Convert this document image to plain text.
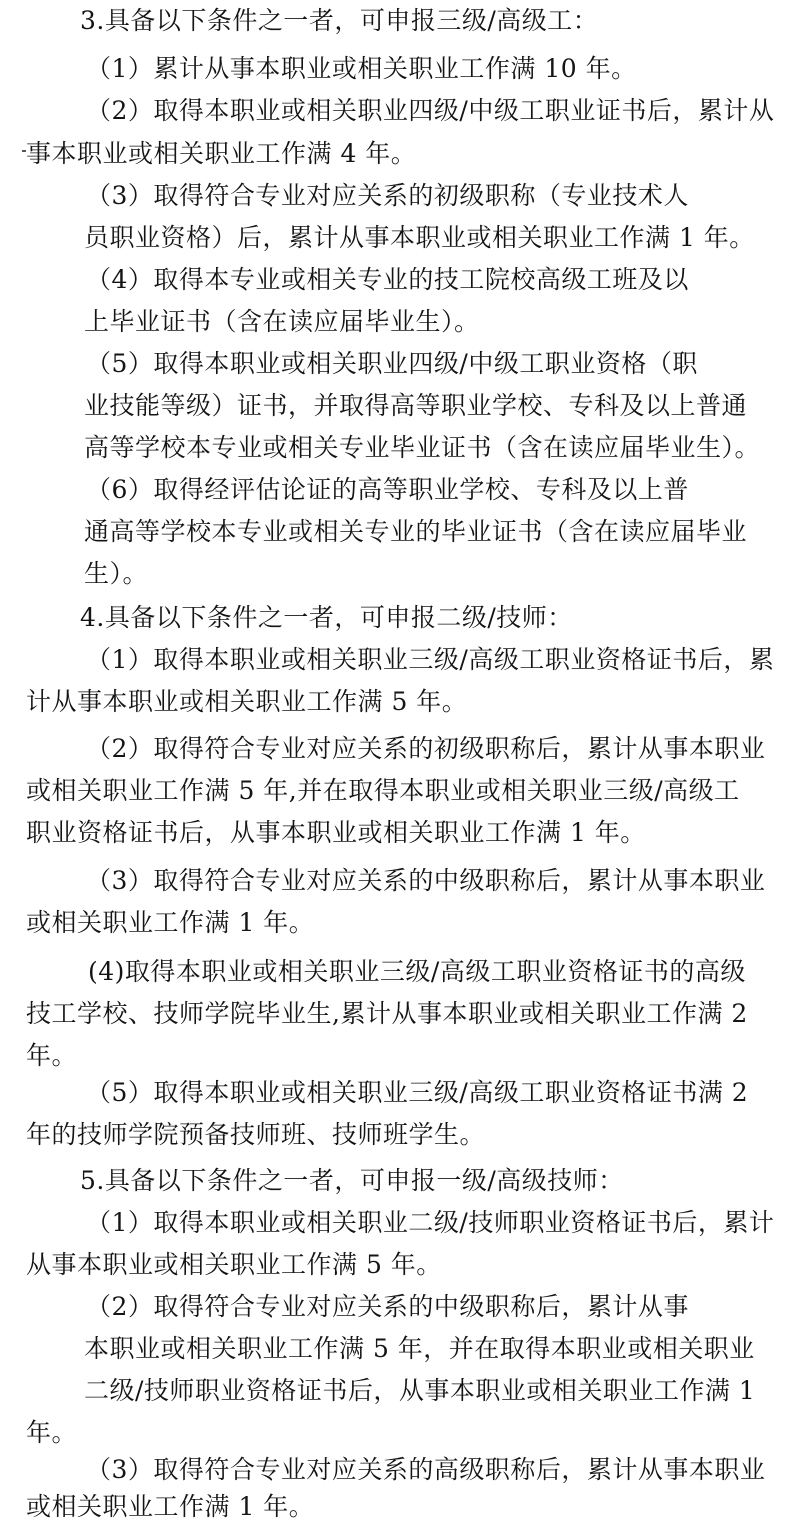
3.具备以下条件之一者，可申报三级/高级工：
（1）累计从事本职业或相关职业工作满 10 年。
（2）取得本职业或相关职业四级/中级工职业证书后，累计从
事本职业或相关职业工作满 4 年。
（3）取得符合专业对应关系的初级职称（专业技术人
员职业资格）后，累计从事本职业或相关职业工作满 1 年。
（4）取得本专业或相关专业的技工院校高级工班及以
上毕业证书（含在读应届毕业生）。
（5）取得本职业或相关职业四级/中级工职业资格（职
业技能等级）证书，并取得高等职业学校、专科及以上普通
高等学校本专业或相关专业毕业证书（含在读应届毕业生）。
（6）取得经评估论证的高等职业学校、专科及以上普
通高等学校本专业或相关专业的毕业证书（含在读应届毕业
生）。
4.具备以下条件之一者，可申报二级/技师：
（1）取得本职业或相关职业三级/高级工职业资格证书后，累
计从事本职业或相关职业工作满 5 年。
（2）取得符合专业对应关系的初级职称后，累计从事本职业
或相关职业工作满 5 年,并在取得本职业或相关职业三级/高级工
职业资格证书后，从事本职业或相关职业工作满 1 年。
（3）取得符合专业对应关系的中级职称后，累计从事本职业
或相关职业工作满 1 年。
(4)取得本职业或相关职业三级/高级工职业资格证书的高级
技工学校、技师学院毕业生,累计从事本职业或相关职业工作满 2
年。
（5）取得本职业或相关职业三级/高级工职业资格证书满 2
年的技师学院预备技师班、技师班学生。
5.具备以下条件之一者，可申报一级/高级技师：
（1）取得本职业或相关职业二级/技师职业资格证书后，累计
从事本职业或相关职业工作满 5 年。
（2）取得符合专业对应关系的中级职称后，累计从事
本职业或相关职业工作满 5 年，并在取得本职业或相关职业
二级/技师职业资格证书后，从事本职业或相关职业工作满 1
年。
（3）取得符合专业对应关系的高级职称后，累计从事本职业
或相关职业工作满 1 年。
